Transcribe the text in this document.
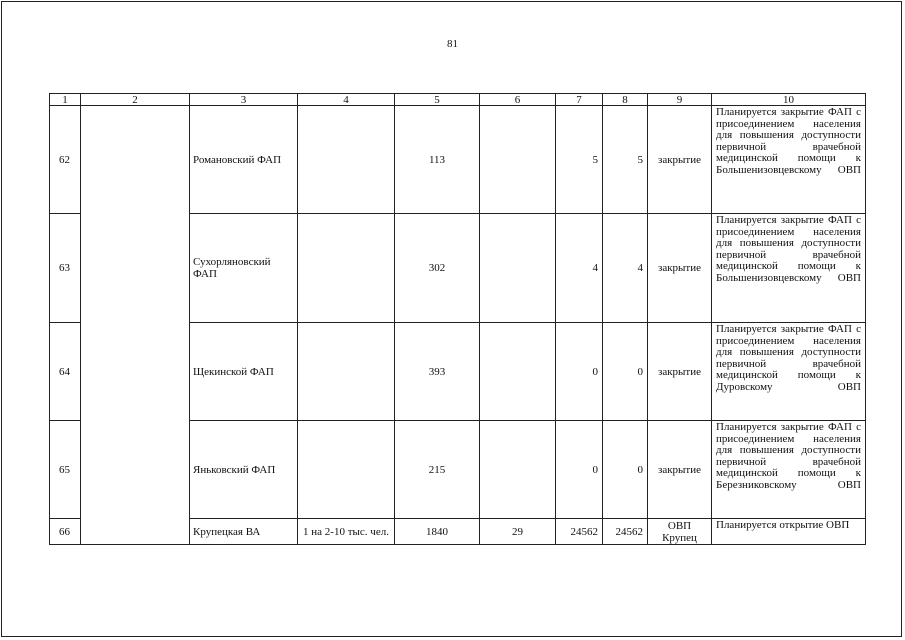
81
1	2	3	4	5	6	7	8	9	10
62		Романовский ФАП		113		5	5	закрытие	Планируется закрытие ФАП с присоединением населения для повышения доступности первичной врачебной медицинской помощи к Большенизовцевскому ОВП
63		Сухорляновский ФАП		302		4	4	закрытие	Планируется закрытие ФАП с присоединением населения для повышения доступности первичной врачебной медицинской помощи к Большенизовцевскому ОВП
64		Щекинской ФАП		393		0	0	закрытие	Планируется закрытие ФАП с присоединением населения для повышения доступности первичной врачебной медицинской помощи к Дуровскому ОВП
65		Яньковский ФАП		215		0	0	закрытие	Планируется закрытие ФАП с присоединением населения для повышения доступности первичной врачебной медицинской помощи к Березниковскому ОВП
66		Крупецкая ВА	1 на 2-10 тыс. чел.	1840	29	24562	24562	ОВП Крупец	Планируется открытие ОВП
